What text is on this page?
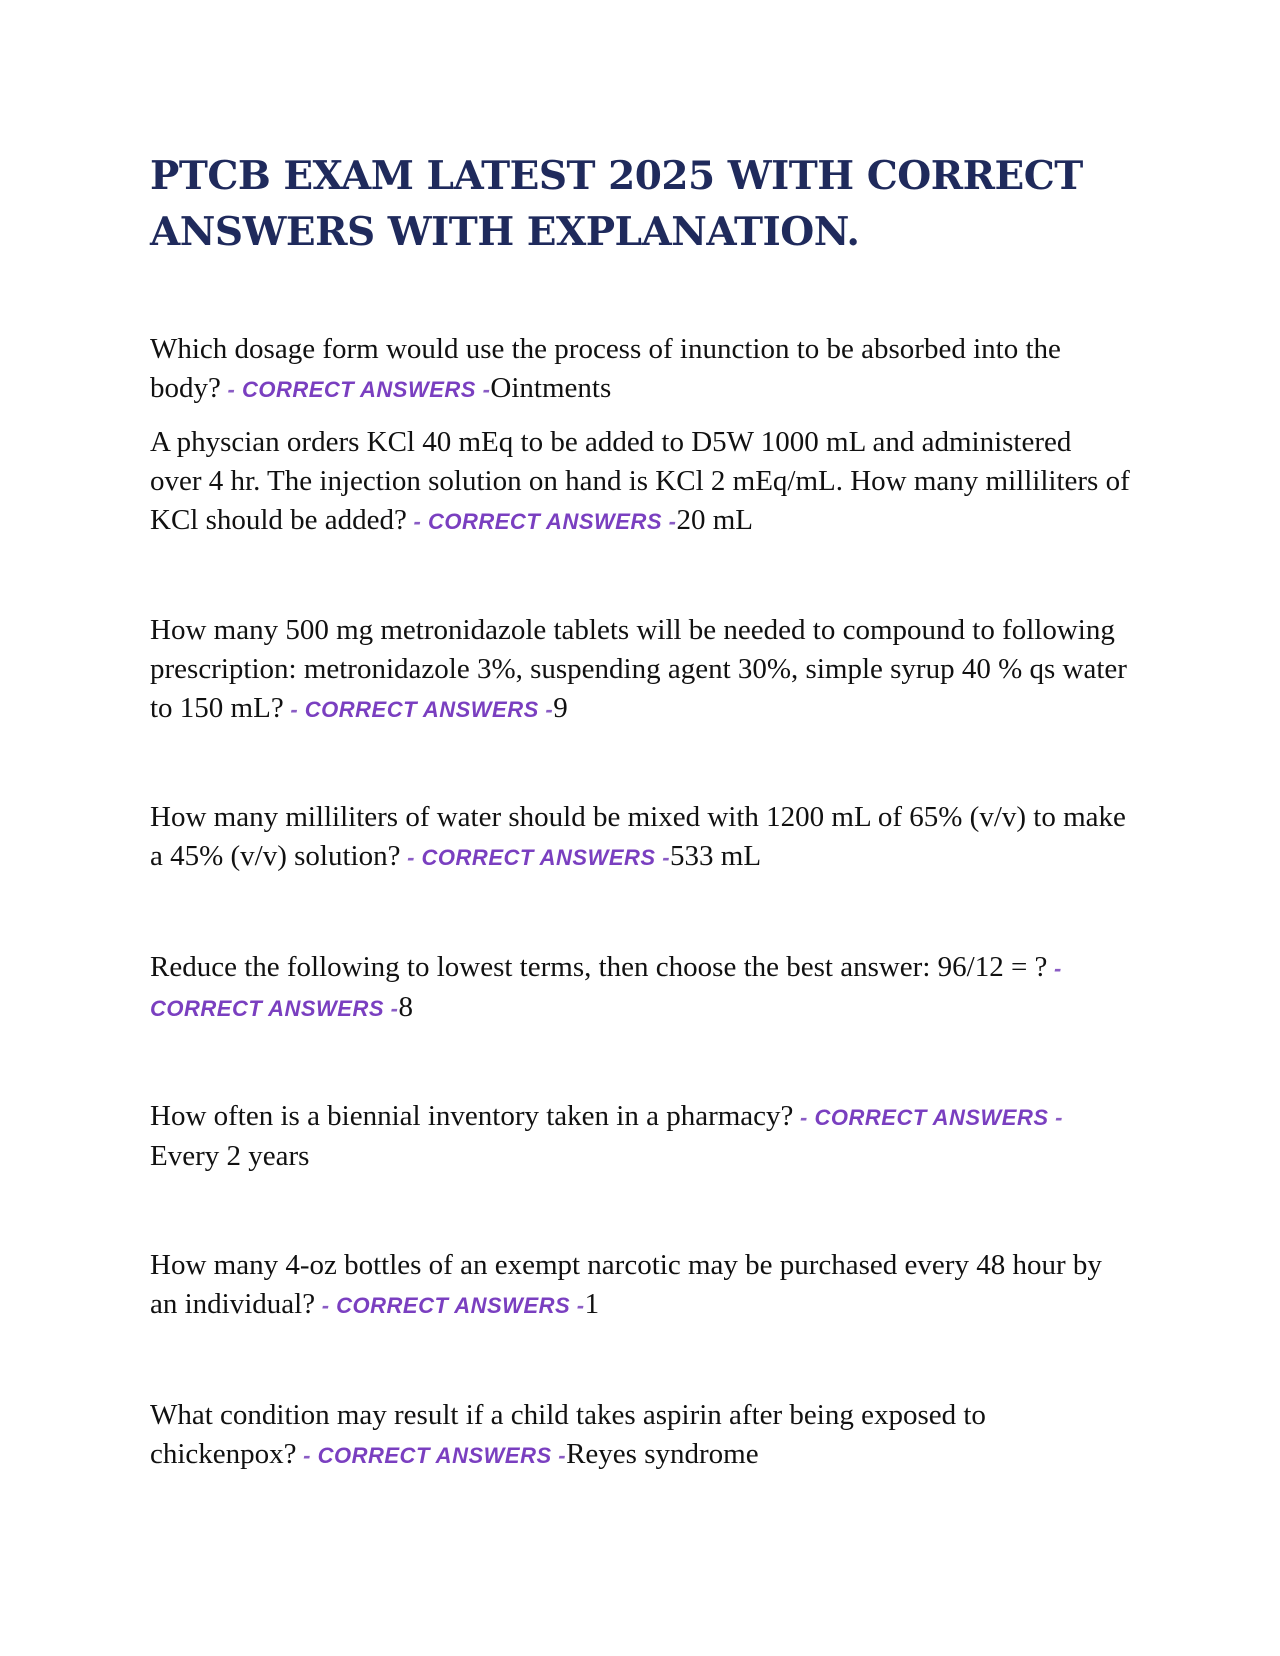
PTCB EXAM LATEST 2025 WITH CORRECT ANSWERS WITH EXPLANATION.

Which dosage form would use the process of inunction to be absorbed into the body? - CORRECT ANSWERS -Ointments

A physcian orders KCl 40 mEq to be added to D5W 1000 mL and administered over 4 hr. The injection solution on hand is KCl 2 mEq/mL. How many milliliters of KCl should be added? - CORRECT ANSWERS -20 mL

How many 500 mg metronidazole tablets will be needed to compound to following prescription: metronidazole 3%, suspending agent 30%, simple syrup 40 % qs water to 150 mL? - CORRECT ANSWERS -9

How many milliliters of water should be mixed with 1200 mL of 65% (v/v) to make a 45% (v/v) solution? - CORRECT ANSWERS -533 mL

Reduce the following to lowest terms, then choose the best answer: 96/12 = ? - CORRECT ANSWERS -8

How often is a biennial inventory taken in a pharmacy? - CORRECT ANSWERS -Every 2 years

How many 4-oz bottles of an exempt narcotic may be purchased every 48 hour by an individual? - CORRECT ANSWERS -1

What condition may result if a child takes aspirin after being exposed to chickenpox? - CORRECT ANSWERS -Reyes syndrome
